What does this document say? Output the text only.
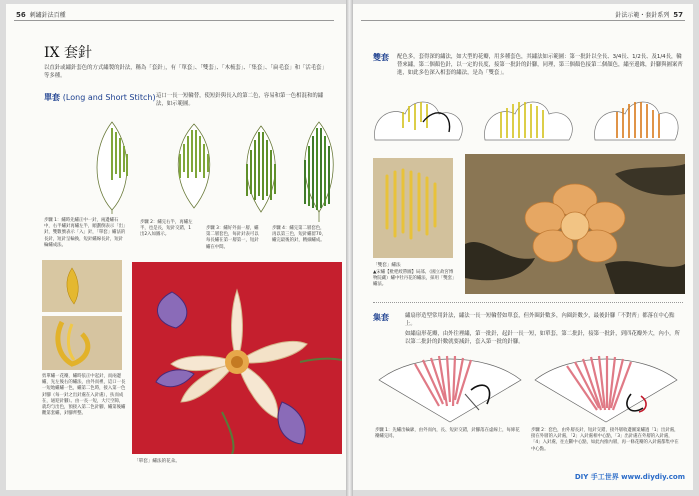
56 刺繡針法百種
IX 套針
以直針或繡針套色的方式繡製的針法，稱為「套針」，有「單套」、「雙套」、「木梳套」、「集套」、「扁毛套」和「活毛套」等多種。
單套 (Long and Short Stitch) 這口一長一短輪替，使短針與長入的第二色，容易和第一色相混和的繡法，如示範圖。
步驟 1：繡時先繡正中一針，兩邊繡石中，右半繡針再繡左半，順劃倒表示「出」針，雙數號表示「入」針，「單套」繡法的長針，短針呈輪換，短針繡線長針，短針輪繡成法。
步驟 2：繡完右半，再繡左半，也是長，短針交錯，1出2入如圖示。
步驟 3：繡好外面一層，繡第二層套色，每針針表可以每長繡在第一層第一，短針繡在中間。
步驟 4：繡完第二層套色，再以第三色，短針繡留70，繡完最後的針，精細繡成。
剪單繡一花瓣，繡時依正中起針，而兩邊繡，先左後右的繡法，由外而裡，這口一長一短地繡繡一色，繡第二色時，接入第一色針腳（每一針之出針處在入針處），扶而成在，通迎針腳）。由一長一短，大尺空隙，就均勻出色，預接入第二色針腳，繡第後繡觀第套繡，針腳齊整。
「單套」繡法的花朵。
針法示範・套針系列 57
雙套 配色多，套得深的繡法，如大型的花瓣，用多種套色，其繡法如示範圖：第一批針以全長、3/4長、1/2長、及1/4長，輪替來繡，第二個顏色針，以一定的長度，接第一批針的針腳，同理，第三個顏色接第二個顏色，繡至邊緣，針腳與圖案齊進，如此多色深入相套的繡法，是為「雙套」。
「雙套」繡法
▲宋繡【枇杷綬帶圖】局部。（國立故宮博物院藏）繡中牡丹花的繡法，採用「雙套」繡法。
集套	繡扇形造型常用針法，繡法一長一短輪替如單套，但外圈針數多，內圈針數少，最後針腳「不對齊」都落在中心點上。
如繡扇形花瓣，由外往裡繡，第一批針，起針一長一短，如單套，第二批針，接第一批針，到四花瓣外大，內小，所以第二批針的針數就要減針，套入第一批的針腳。
步驟 1：先繡出輪廓，由外而內，長、短針交錯，針腳落在虛線上，每條花瓣繡完同。
步驟 2：套色，由外層長針，短針交錯，接外層收邊圖案繡過「1」出針處，接在外層的入針處，「2」入針處相中心點，「3」出針處在外層的入針處，「4」入針處，往左斷中心點，如此內推內層，再一條花瓣的入針處都集中在中心點。
DIY 手工世界 www.diydiy.com
